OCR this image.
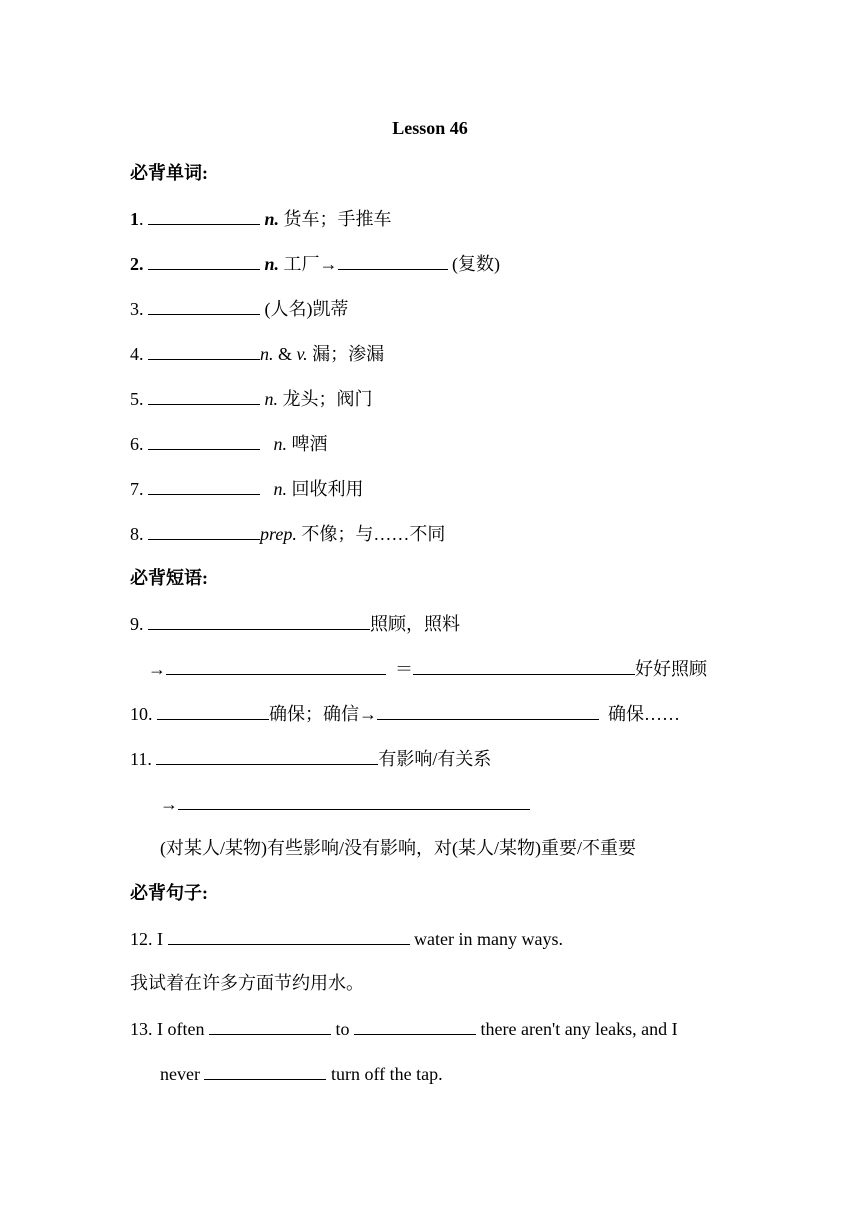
Lesson 46
必背单词:
1.	n. 货车；手推车
2.	n. 工厂→	(复数)
3.	(人名)凯蒂
4.	n. & v. 漏；渗漏
5.	n. 龙头；阀门
6.	n. 啤酒
7.	n. 回收利用
8.	prep. 不像；与……不同
必背短语:
9.	照顾，照料
→	＝	好好照顾
10.	确保；确信→	确保……
11.	有影响/有关系
→
(对某人/某物)有些影响/没有影响，对(某人/某物)重要/不重要
必背句子:
12. I	water in many ways.
我试着在许多方面节约用水。
13. I often	to	there aren't any leaks, and I
never	turn off the tap.
